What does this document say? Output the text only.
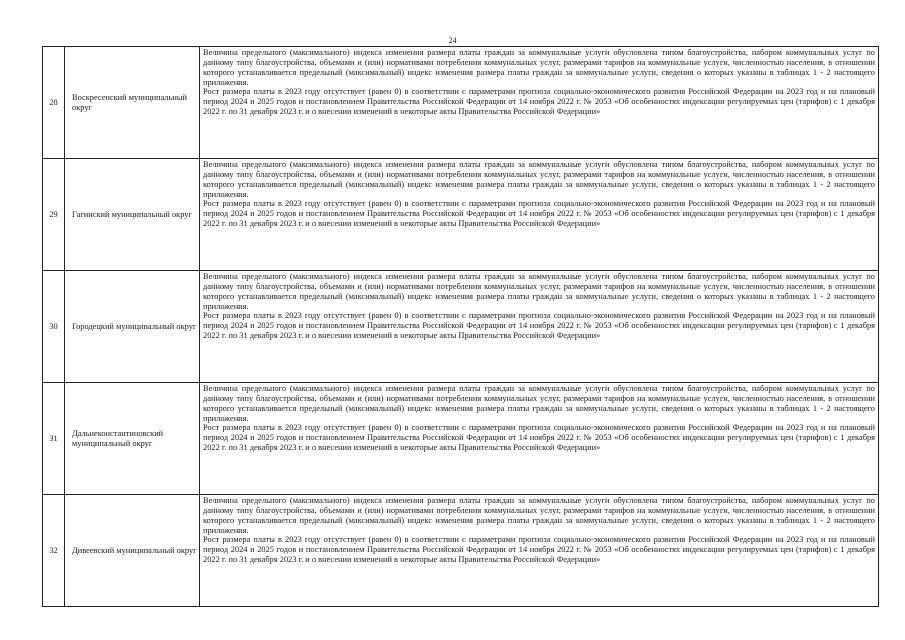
24
28	Воскресенский муниципальный округ	Величина предельного (максимального) индекса изменения размера платы граждан за коммунальные услуги обусловлена типом благоустройства, набором коммунальных услуг по данному типу благоустройства, объемами и (или) нормативами потребления коммунальных услуг, размерами тарифов на коммунальные услуги, численностью населения, в отношении которого устанавливается предельный (максимальный) индекс изменения размера платы граждан за коммунальные услуги, сведения о которых указаны в таблицах 1 - 2 настоящего приложения.

Рост размера платы в 2023 году отсутствует (равен 0) в соответствии с параметрами прогноза социально-экономического развития Российской Федерации на 2023 год и на плановый период 2024 и 2025 годов и постановлением Правительства Российской Федерации от 14 ноября 2022 г. № 2053 «Об особенностях индексации регулируемых цен (тарифов) с 1 декабря 2022 г. по 31 декабря 2023 г. и о внесении изменений в некоторые акты Правительства Российской Федерации»

29	Гагинский муниципальный округ	Величина предельного (максимального) индекса изменения размера платы граждан за коммунальные услуги обусловлена типом благоустройства, набором коммунальных услуг по данному типу благоустройства, объемами и (или) нормативами потребления коммунальных услуг, размерами тарифов на коммунальные услуги, численностью населения, в отношении которого устанавливается предельный (максимальный) индекс изменения размера платы граждан за коммунальные услуги, сведения о которых указаны в таблицах 1 - 2 настоящего приложения.

Рост размера платы в 2023 году отсутствует (равен 0) в соответствии с параметрами прогноза социально-экономического развития Российской Федерации на 2023 год и на плановый период 2024 и 2025 годов и постановлением Правительства Российской Федерации от 14 ноября 2022 г. № 2053 «Об особенностях индексации регулируемых цен (тарифов) с 1 декабря 2022 г. по 31 декабря 2023 г. и о внесении изменений в некоторые акты Правительства Российской Федерации»

30	Городецкий муниципальный округ	Величина предельного (максимального) индекса изменения размера платы граждан за коммунальные услуги обусловлена типом благоустройства, набором коммунальных услуг по данному типу благоустройства, объемами и (или) нормативами потребления коммунальных услуг, размерами тарифов на коммунальные услуги, численностью населения, в отношении которого устанавливается предельный (максимальный) индекс изменения размера платы граждан за коммунальные услуги, сведения о которых указаны в таблицах 1 - 2 настоящего приложения.

Рост размера платы в 2023 году отсутствует (равен 0) в соответствии с параметрами прогноза социально-экономического развития Российской Федерации на 2023 год и на плановый период 2024 и 2025 годов и постановлением Правительства Российской Федерации от 14 ноября 2022 г. № 2053 «Об особенностях индексации регулируемых цен (тарифов) с 1 декабря 2022 г. по 31 декабря 2023 г. и о внесении изменений в некоторые акты Правительства Российской Федерации»

31	Дальнеконстантиновский муниципальный округ	Величина предельного (максимального) индекса изменения размера платы граждан за коммунальные услуги обусловлена типом благоустройства, набором коммунальных услуг по данному типу благоустройства, объемами и (или) нормативами потребления коммунальных услуг, размерами тарифов на коммунальные услуги, численностью населения, в отношении которого устанавливается предельный (максимальный) индекс изменения размера платы граждан за коммунальные услуги, сведения о которых указаны в таблицах 1 - 2 настоящего приложения.

Рост размера платы в 2023 году отсутствует (равен 0) в соответствии с параметрами прогноза социально-экономического развития Российской Федерации на 2023 год и на плановый период 2024 и 2025 годов и постановлением Правительства Российской Федерации от 14 ноября 2022 г. № 2053 «Об особенностях индексации регулируемых цен (тарифов) с 1 декабря 2022 г. по 31 декабря 2023 г. и о внесении изменений в некоторые акты Правительства Российской Федерации»

32	Дивеевский муниципальный округ	Величина предельного (максимального) индекса изменения размера платы граждан за коммунальные услуги обусловлена типом благоустройства, набором коммунальных услуг по данному типу благоустройства, объемами и (или) нормативами потребления коммунальных услуг, размерами тарифов на коммунальные услуги, численностью населения, в отношении которого устанавливается предельный (максимальный) индекс изменения размера платы граждан за коммунальные услуги, сведения о которых указаны в таблицах 1 - 2 настоящего приложения.

Рост размера платы в 2023 году отсутствует (равен 0) в соответствии с параметрами прогноза социально-экономического развития Российской Федерации на 2023 год и на плановый период 2024 и 2025 годов и постановлением Правительства Российской Федерации от 14 ноября 2022 г. № 2053 «Об особенностях индексации регулируемых цен (тарифов) с 1 декабря 2022 г. по 31 декабря 2023 г. и о внесении изменений в некоторые акты Правительства Российской Федерации»
